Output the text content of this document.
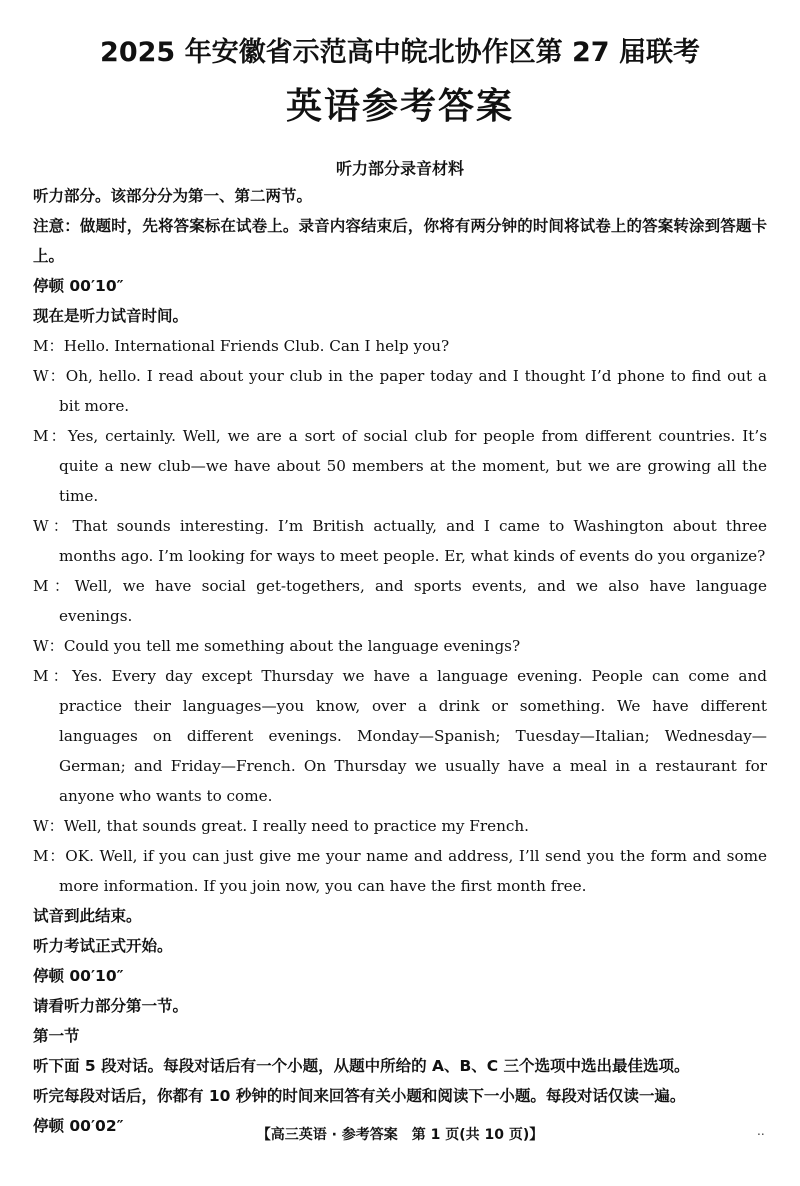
2025 年安徽省示范高中皖北协作区第 27 届联考
英语参考答案
听力部分录音材料

听力部分。该部分分为第一、第二两节。

注意：做题时，先将答案标在试卷上。录音内容结束后，你将有两分钟的时间将试卷上的答案转涂到答题卡上。

停顿 00′10″

现在是听力试音时间。

M：Hello. International Friends Club. Can I help you?

W：Oh, hello. I read about your club in the paper today and I thought I’d phone to find out a bit more.

M：Yes, certainly. Well, we are a sort of social club for people from different countries. It’s quite a new club—we have about 50 members at the moment, but we are growing all the time.

W：That sounds interesting. I’m British actually, and I came to Washington about three months ago. I’m looking for ways to meet people. Er, what kinds of events do you organize?

M：Well, we have social get-togethers, and sports events, and we also have language evenings.

W：Could you tell me something about the language evenings?

M：Yes. Every day except Thursday we have a language evening. People can come and practice their languages—you know, over a drink or something. We have different languages on different evenings. Monday—Spanish; Tuesday—Italian; Wednesday—German; and Friday—French. On Thursday we usually have a meal in a restaurant for anyone who wants to come.

W：Well, that sounds great. I really need to practice my French.

M：OK. Well, if you can just give me your name and address, I’ll send you the form and some more information. If you join now, you can have the first month free.

试音到此结束。

听力考试正式开始。

停顿 00′10″

请看听力部分第一节。

第一节

听下面 5 段对话。每段对话后有一个小题，从题中所给的 A、B、C 三个选项中选出最佳选项。

听完每段对话后，你都有 10 秒钟的时间来回答有关小题和阅读下一小题。每段对话仅读一遍。

停顿 00′02″	【高三英语 · 参考答案　第 1 页(共 10 页)】	..
